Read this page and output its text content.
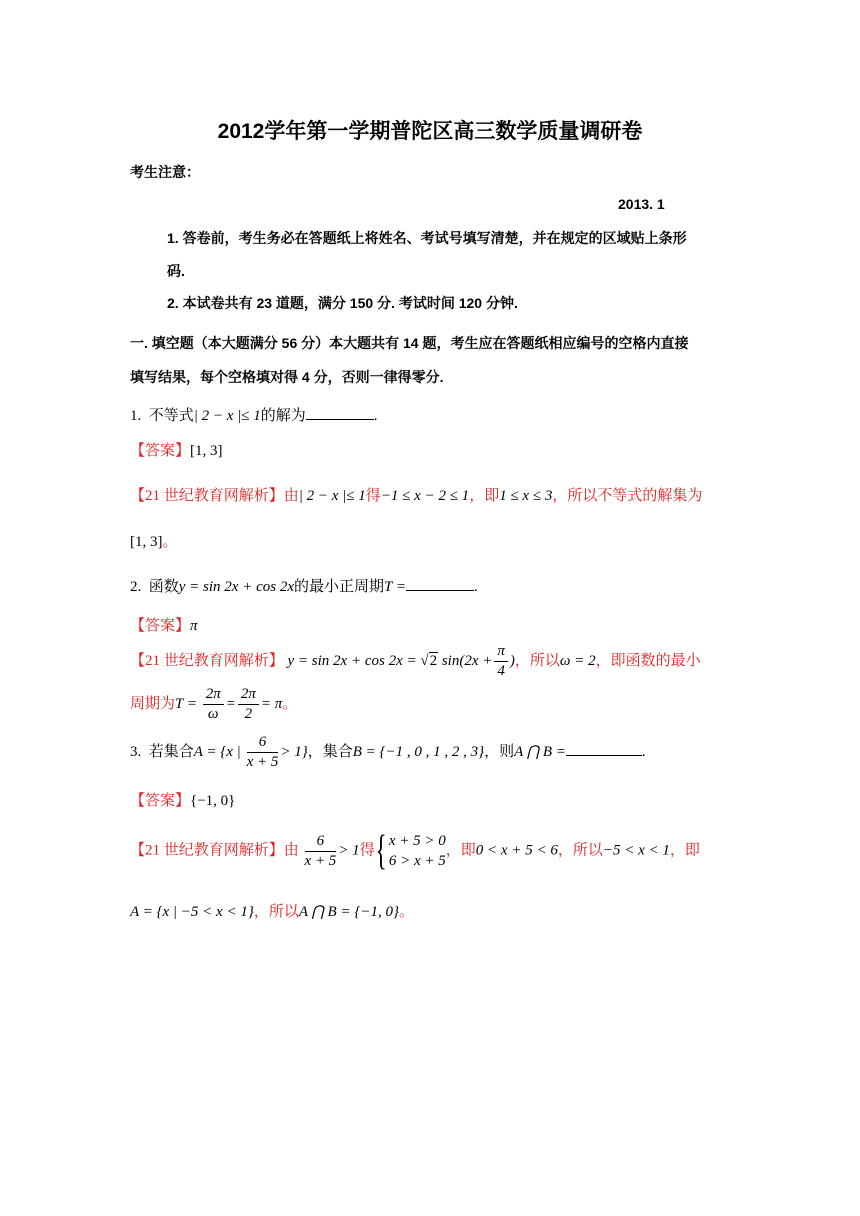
2012学年第一学期普陀区高三数学质量调研卷
考生注意：
2013. 1
1. 答卷前，考生务必在答题纸上将姓名、考试号填写清楚，并在规定的区域贴上条形
码.
2. 本试卷共有 23 道题，满分 150 分. 考试时间 120 分钟.
一. 填空题（本大题满分 56 分）本大题共有 14 题，考生应在答题纸相应编号的空格内直接
填写结果，每个空格填对得 4 分，否则一律得零分.
1. 不等式| 2 − x |≤ 1的解为	.
【答案】[1, 3]
【21 世纪教育网解析】由| 2 − x |≤ 1得−1 ≤ x − 2 ≤ 1，即1 ≤ x ≤ 3，所以不等式的解集为
[1, 3]。
2. 函数y = sin 2x + cos 2x的最小正周期T =	.
【答案】π
【21 世纪教育网解析】 y = sin 2x + cos 2x = √2 $\sin(2x + \frac{\pi}{4}$ )，所以ω = 2，即函数的最小
周期为$T = \frac{2\pi}{\omega} = \frac{2\pi}{2} = \pi$。
3. 若集合A = {x | $\frac{6}{x + 5} > 1$}，集合B = {−1 , 0 , 1 , 2 , 3}，则A ⋂ B =	.
【答案】{−1, 0}
【21 世纪教育网解析】由 $\frac{6}{x + 5} > 1$得{ x + 5 > 0
6 > x + 5
，即0 < x + 5 < 6，所以−5 < x < 1，即
A = {x | −5 < x < 1}，所以A ⋂ B = {−1, 0}。
